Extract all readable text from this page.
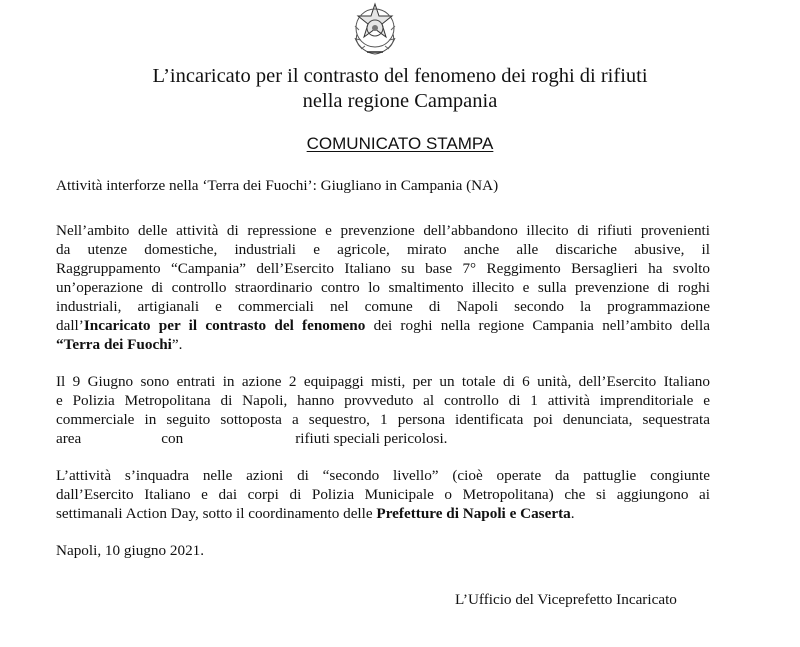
L’incaricato per il contrasto del fenomeno dei roghi di rifiuti
nella regione Campania
COMUNICATO STAMPA
Attività interforze nella ‘Terra dei Fuochi’: Giugliano in Campania (NA)
Nell’ambito delle attività di repressione e prevenzione dell’abbandono illecito di rifiuti provenienti
da utenze domestiche, industriali e agricole, mirato anche alle discariche abusive, il
Raggruppamento “Campania” dell’Esercito Italiano su base 7° Reggimento Bersaglieri ha svolto
un’operazione di controllo straordinario contro lo smaltimento illecito e sulla prevenzione di roghi
industriali, artigianali e commerciali nel comune di Napoli secondo la programmazione
dall’Incaricato per il contrasto del fenomeno dei roghi nella regione Campania nell’ambito della
“Terra dei Fuochi”.
Il 9 Giugno sono entrati in azione 2 equipaggi misti, per un totale di 6 unità, dell’Esercito Italiano
e Polizia Metropolitana di Napoli, hanno provveduto al controllo di 1 attività imprenditoriale e
commerciale in seguito sottoposta a sequestro, 1 persona identificata poi denunciata, sequestrata
area	con	rifiuti speciali pericolosi.
L’attività s’inquadra nelle azioni di “secondo livello” (cioè operate da pattuglie congiunte
dall’Esercito Italiano e dai corpi di Polizia Municipale o Metropolitana) che si aggiungono ai
settimanali Action Day, sotto il coordinamento delle Prefetture di Napoli e Caserta.
Napoli, 10 giugno 2021.
L’Ufficio del Viceprefetto Incaricato
